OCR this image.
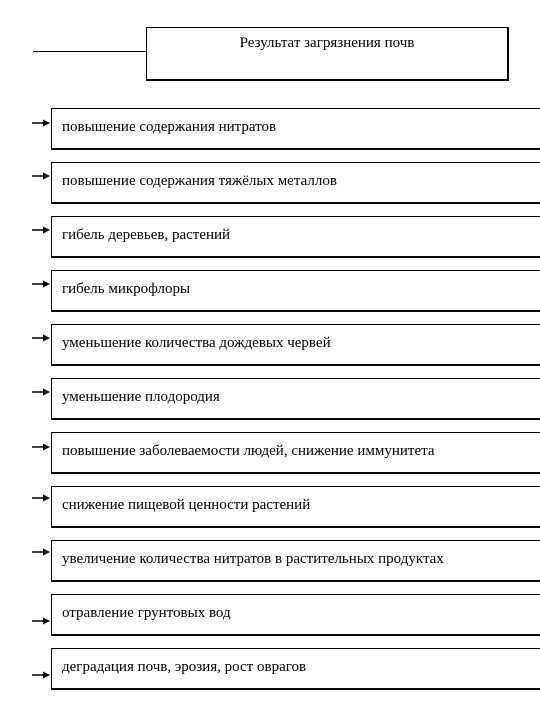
Результат загрязнения почв
повышение содержания нитратов
повышение содержания тяжёлых металлов
гибель деревьев, растений
гибель микрофлоры
уменьшение количества дождевых червей
уменьшение плодородия
повышение заболеваемости людей, снижение иммунитета
снижение пищевой ценности растений
увеличение количества нитратов в растительных продуктах
отравление грунтовых вод
деградация почв, эрозия, рост оврагов
